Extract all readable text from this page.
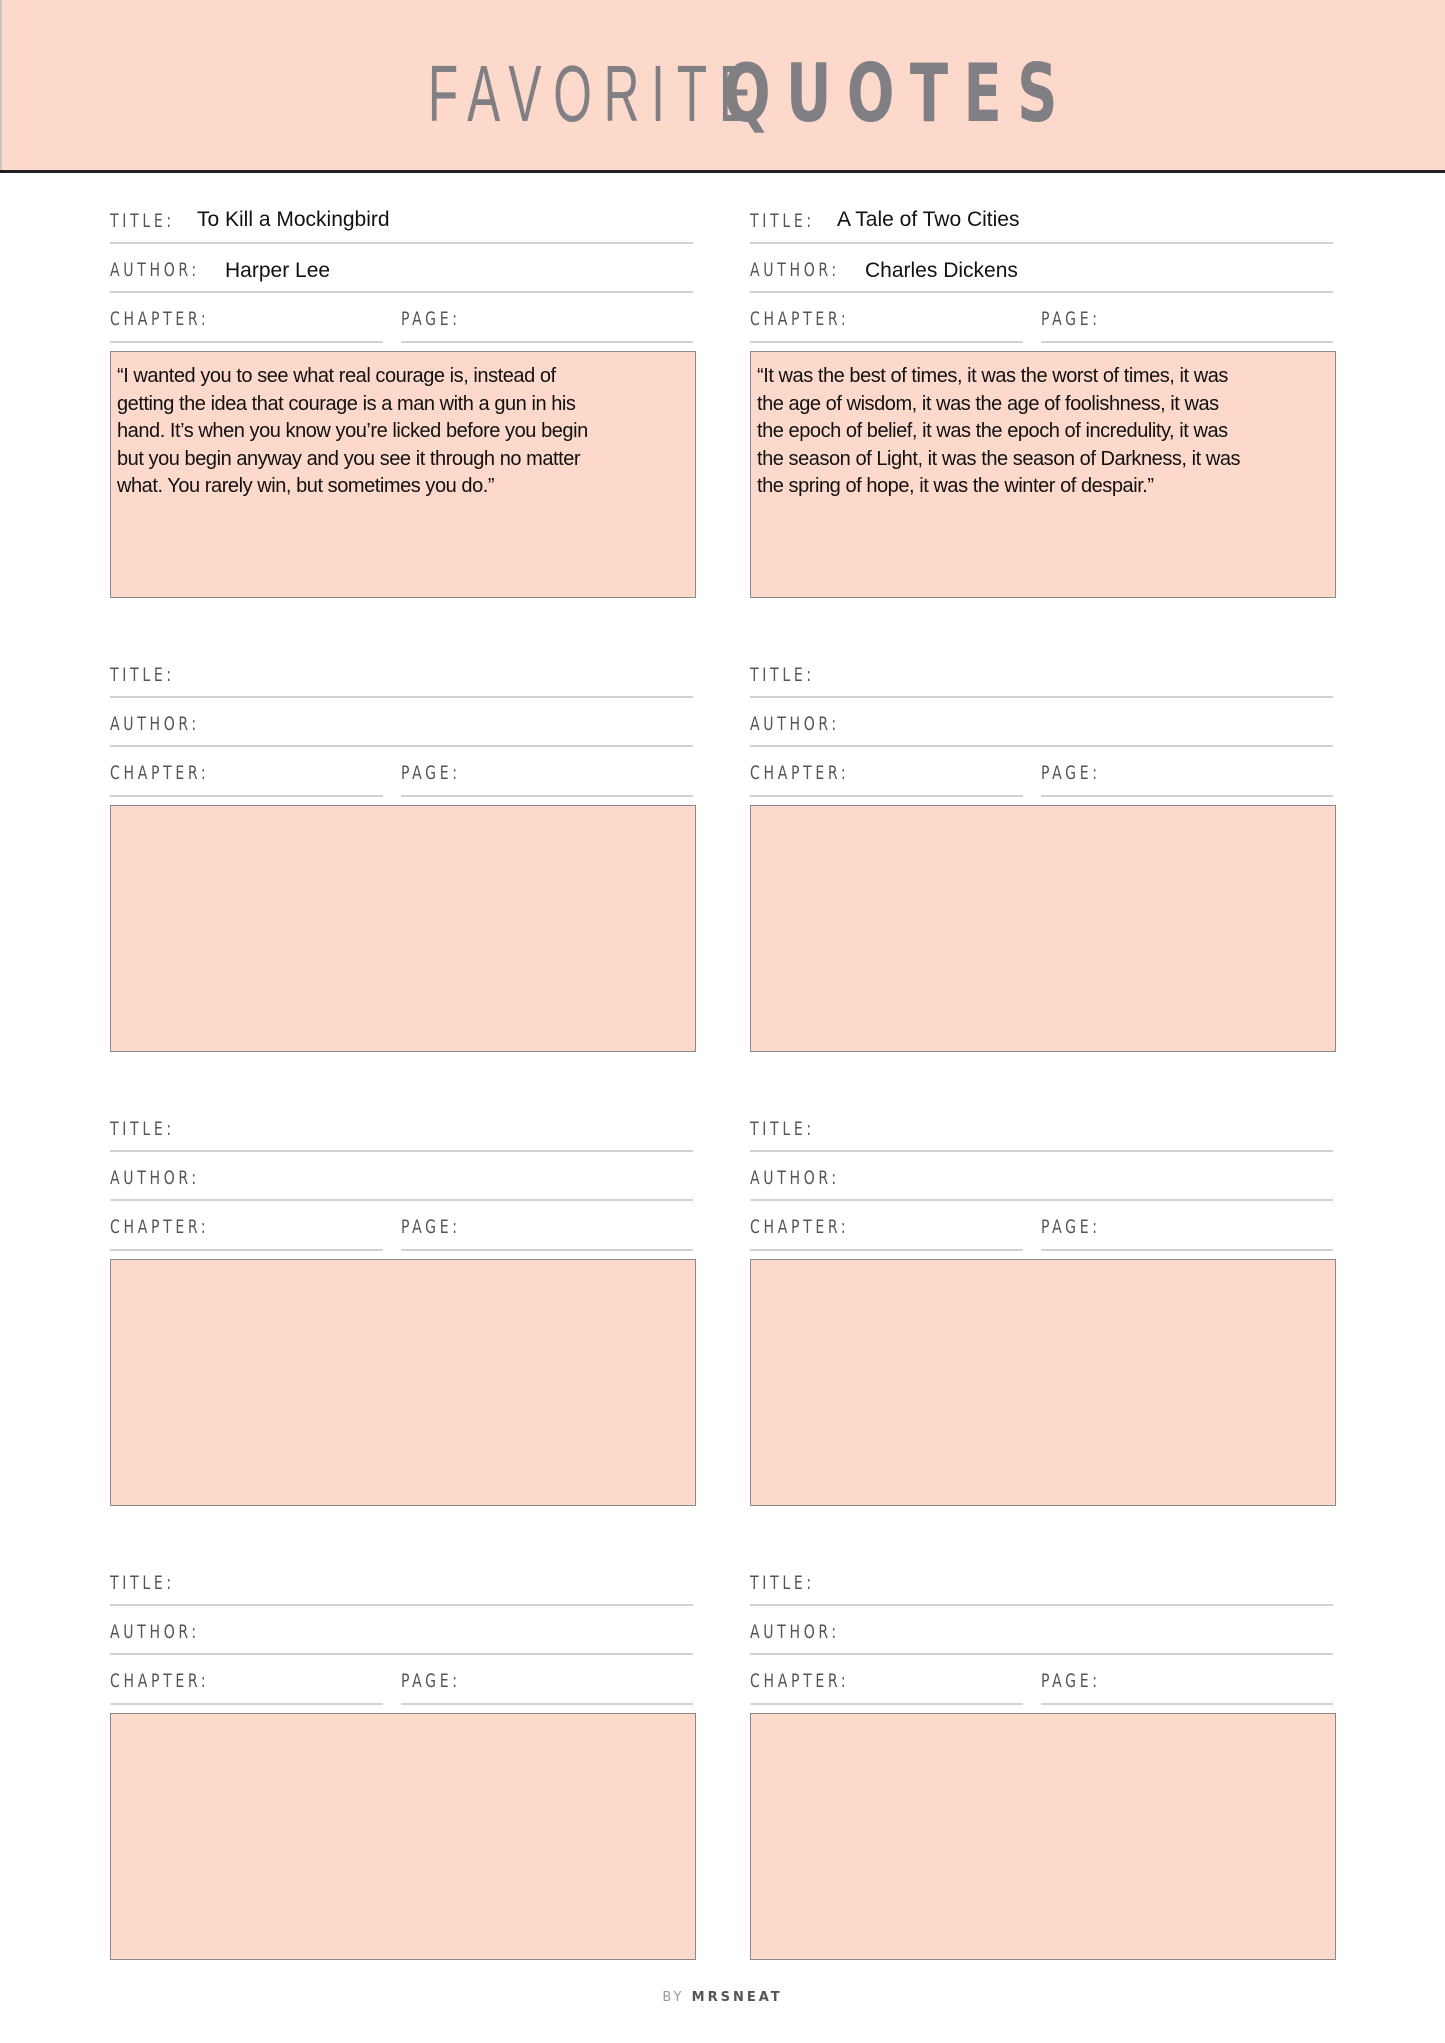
FAVORITEQUOTES
TITLE: To Kill a Mockingbird
AUTHOR: Harper Lee
CHAPTER:	PAGE:
“I wanted you to see what real courage is, instead of
getting the idea that courage is a man with a gun in his
hand. It’s when you know you’re licked before you begin
but you begin anyway and you see it through no matter
what. You rarely win, but sometimes you do.”
TITLE: A Tale of Two Cities
AUTHOR: Charles Dickens
CHAPTER:	PAGE:
“It was the best of times, it was the worst of times, it was
the age of wisdom, it was the age of foolishness, it was
the epoch of belief, it was the epoch of incredulity, it was
the season of Light, it was the season of Darkness, it was
the spring of hope, it was the winter of despair.”
TITLE:
AUTHOR:
CHAPTER:	PAGE:
TITLE:
AUTHOR:
CHAPTER:	PAGE:
TITLE:
AUTHOR:
CHAPTER:	PAGE:
TITLE:
AUTHOR:
CHAPTER:	PAGE:
TITLE:
AUTHOR:
CHAPTER:	PAGE:
TITLE:
AUTHOR:
CHAPTER:	PAGE:
BY MRSNEAT
